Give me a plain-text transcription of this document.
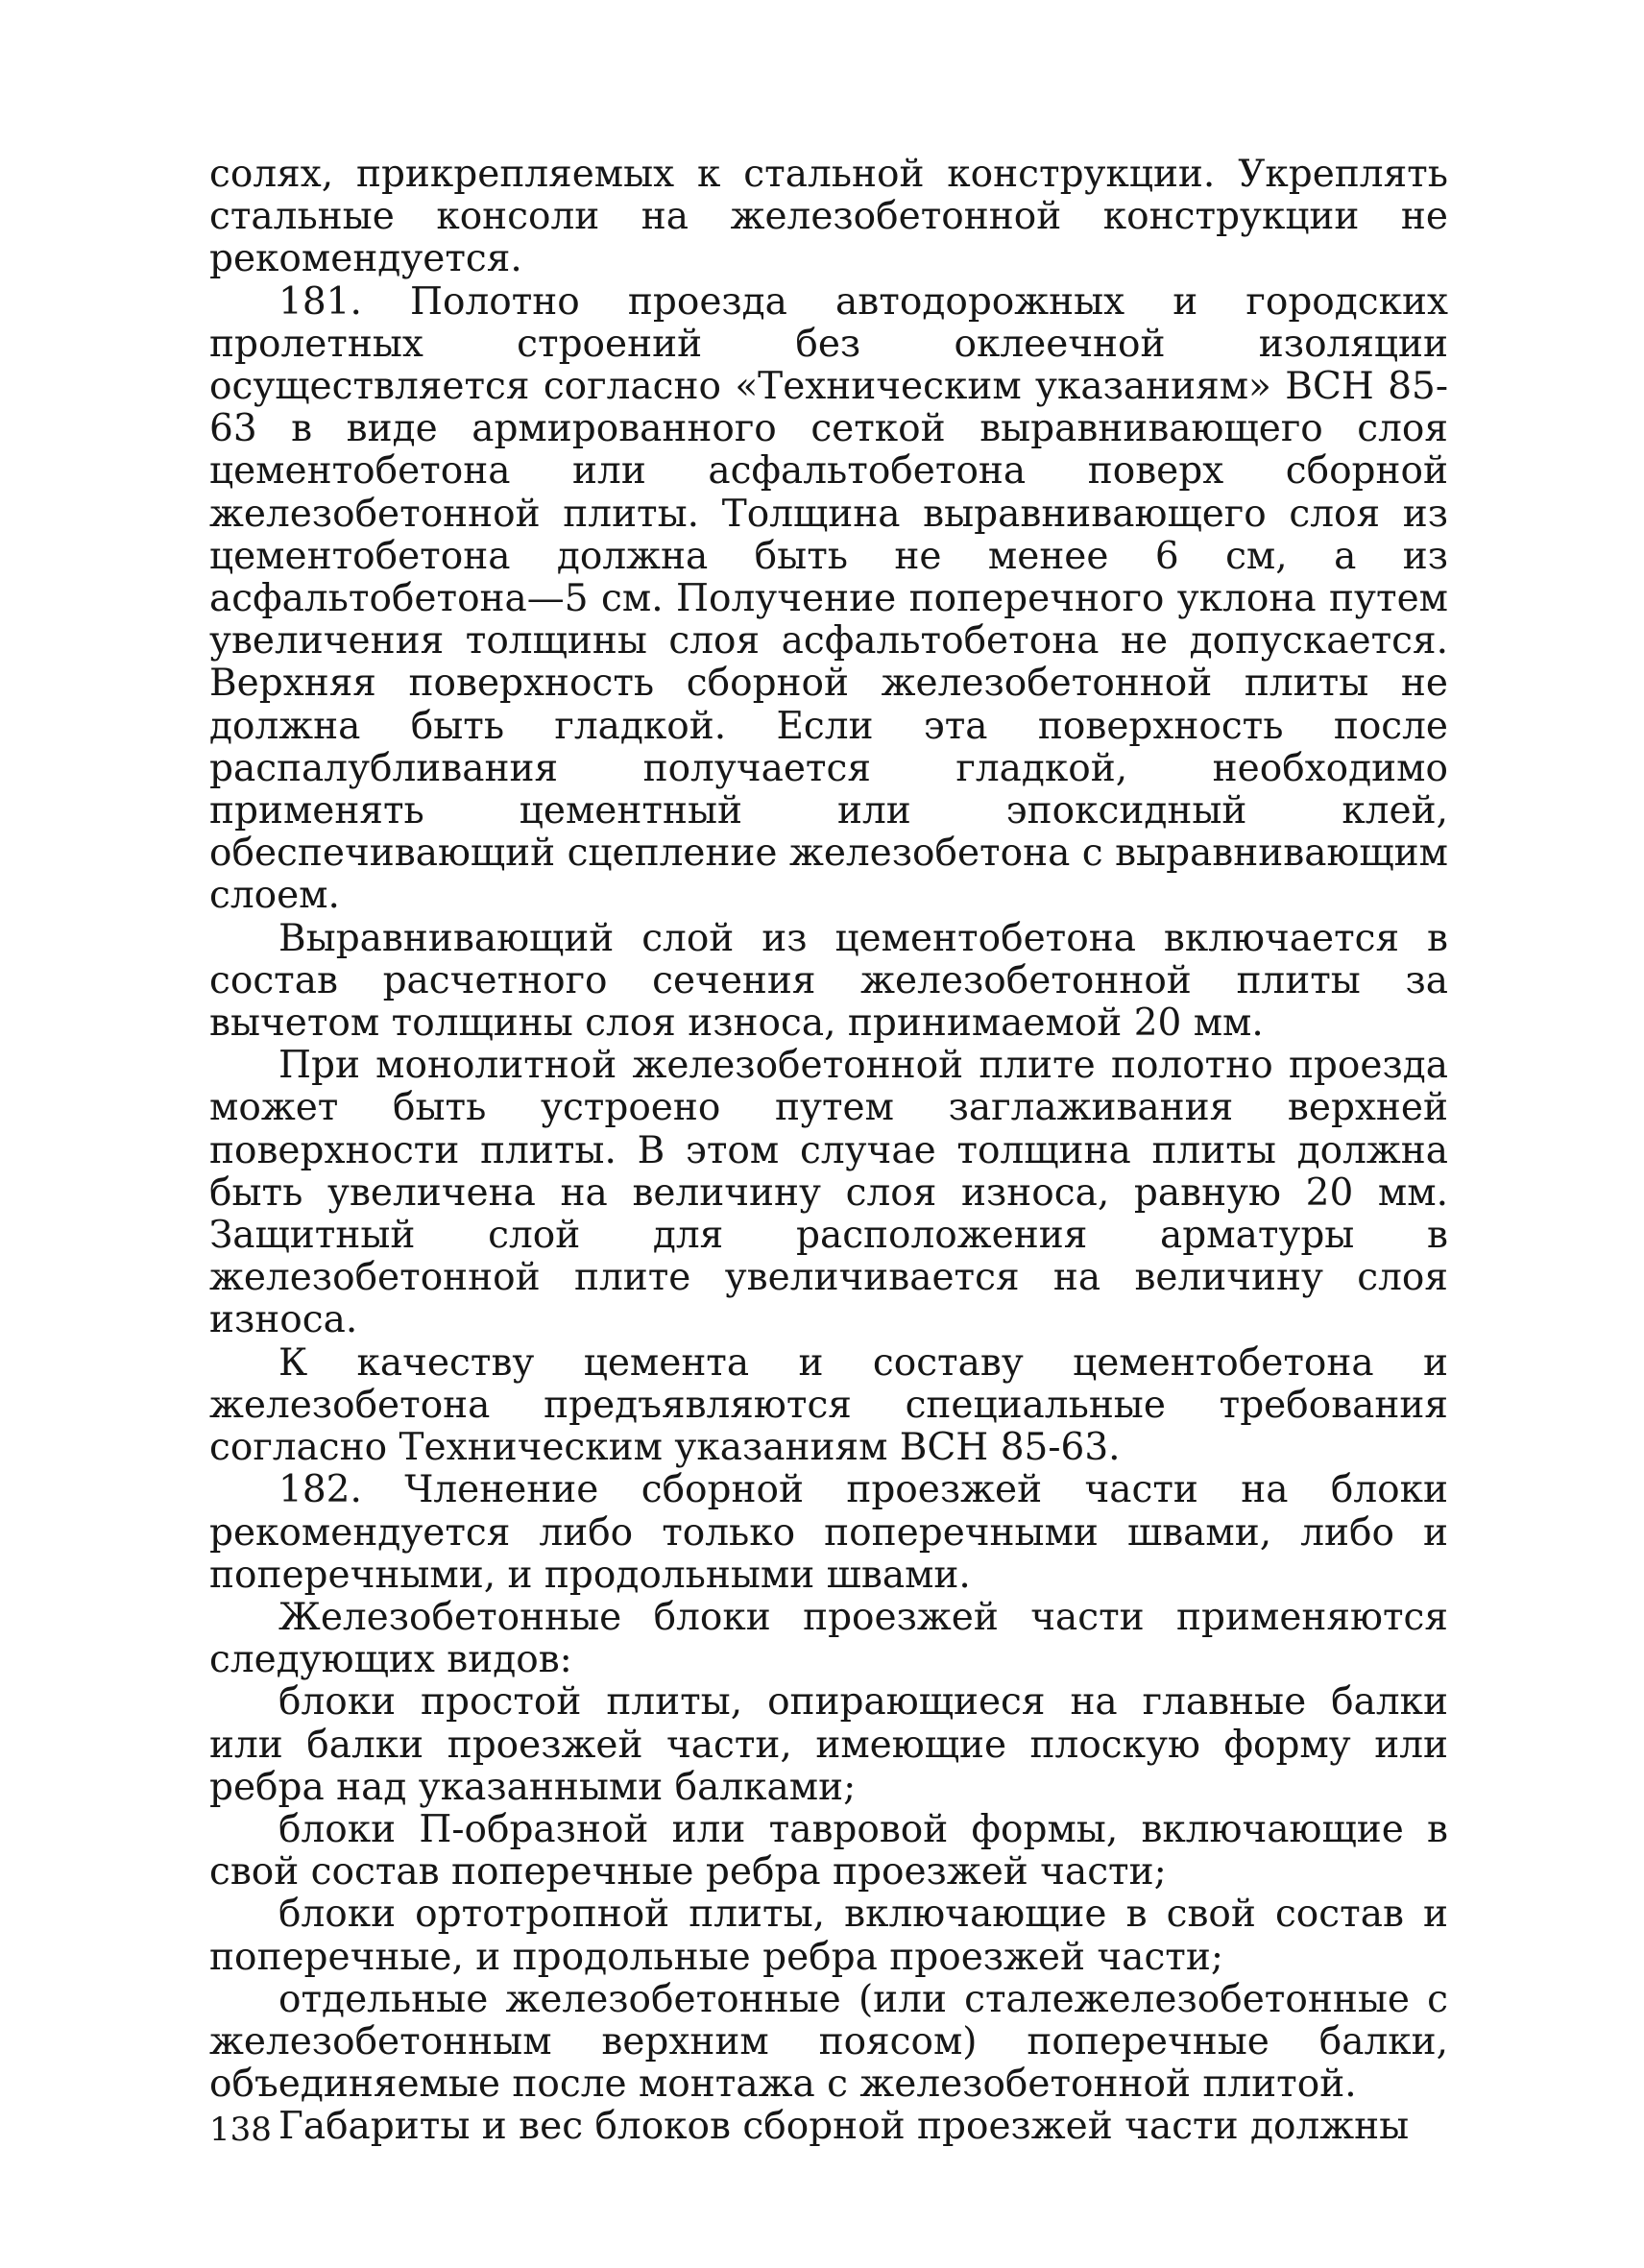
солях, прикрепляемых к стальной конструкции. Укреплять стальные консоли на железобетонной конструкции не рекомендуется.

181. Полотно проезда автодорожных и городских пролетных строений без оклеечной изоляции осуществляется согласно «Техническим указаниям» ВСН 85-63 в виде армированного сеткой выравнивающего слоя цементобетона или асфальтобетона поверх сборной железобетонной плиты. Толщина выравнивающего слоя из цементобетона должна быть не менее 6 см, а из асфальтобетона—5 см. Получение поперечного уклона путем увеличения толщины слоя асфальтобетона не допускается. Верхняя поверхность сборной железобетонной плиты не должна быть гладкой. Если эта поверхность после распалубливания получается гладкой, необходимо применять цементный или эпоксидный клей, обеспечивающий сцепление железобетона с выравнивающим слоем.

Выравнивающий слой из цементобетона включается в состав расчетного сечения железобетонной плиты за вычетом толщины слоя износа, принимаемой 20 мм.

При монолитной железобетонной плите полотно проезда может быть устроено путем заглаживания верхней поверхности плиты. В этом случае толщина плиты должна быть увеличена на величину слоя износа, равную 20 мм. Защитный слой для расположения арматуры в железобетонной плите увеличивается на величину слоя износа.

К качеству цемента и составу цементобетона и железобетона предъявляются специальные требования согласно Техническим указаниям ВСН 85-63.

182. Членение сборной проезжей части на блоки рекомендуется либо только поперечными швами, либо и поперечными, и продольными швами.

Железобетонные блоки проезжей части применяются следующих видов:

блоки простой плиты, опирающиеся на главные балки или балки проезжей части, имеющие плоскую форму или ребра над указанными балками;

блоки П-образной или тавровой формы, включающие в свой состав поперечные ребра проезжей части;

блоки ортотропной плиты, включающие в свой состав и поперечные, и продольные ребра проезжей части;

отдельные железобетонные (или сталежелезобетонные с железобетонным верхним поясом) поперечные балки, объединяемые после монтажа с железобетонной плитой.

Габариты и вес блоков сборной проезжей части должны

138
